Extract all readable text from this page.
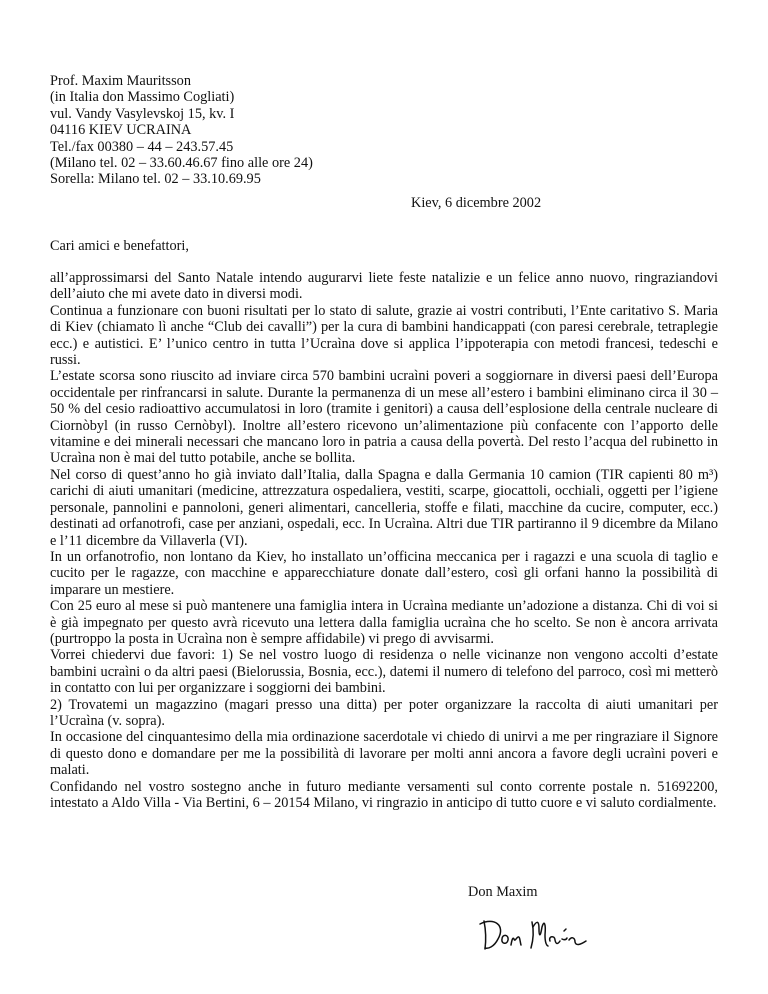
Prof. Maxim Mauritsson
(in Italia don Massimo Cogliati)
vul. Vandy Vasylevskoj 15, kv. I
04116 KIEV UCRAINA
Tel./fax 00380 – 44 – 243.57.45
(Milano tel. 02 – 33.60.46.67 fino alle ore 24)
Sorella: Milano tel. 02 – 33.10.69.95
Kiev, 6 dicembre 2002
Cari amici e benefattori,

all’approssimarsi del Santo Natale intendo augurarvi liete feste natalizie e un felice anno nuovo, ringraziandovi dell’aiuto che mi avete dato in diversi modi.

Continua a funzionare con buoni risultati per lo stato di salute, grazie ai vostri contributi, l’Ente caritativo S. Maria di Kiev (chiamato lì anche “Club dei cavalli”) per la cura di bambini handicappati (con paresi cerebrale, tetraplegie ecc.) e autistici. E’ l’unico centro in tutta l’Ucraìna dove si applica l’ippoterapia con metodi francesi, tedeschi e russi.

L’estate scorsa sono riuscito ad inviare circa 570 bambini ucraìni poveri a soggiornare in diversi paesi dell’Europa occidentale per rinfrancarsi in salute. Durante la permanenza di un mese all’estero i bambini eliminano circa il 30 – 50 % del cesio radioattivo accumulatosi in loro (tramite i genitori) a causa dell’esplosione della centrale nucleare di Ciornòbyl (in russo Cernòbyl). Inoltre all’estero ricevono un’alimentazione più confacente con l’apporto delle vitamine e dei minerali necessari che mancano loro in patria a causa della povertà. Del resto l’acqua del rubinetto in Ucraìna non è mai del tutto potabile, anche se bollita.

Nel corso di quest’anno ho già inviato dall’Italia, dalla Spagna e dalla Germania 10 camion (TIR capienti 80 m³) carichi di aiuti umanitari (medicine, attrezzatura ospedaliera, vestiti, scarpe, giocattoli, occhiali, oggetti per l’igiene personale, pannolini e pannoloni, generi alimentari, cancelleria, stoffe e filati, macchine da cucire, computer, ecc.) destinati ad orfanotrofi, case per anziani, ospedali, ecc. In Ucraìna. Altri due TIR partiranno il 9 dicembre da Milano e l’11 dicembre da Villaverla (VI).

In un orfanotrofio, non lontano da Kiev, ho installato un’officina meccanica per i ragazzi e una scuola di taglio e cucito per le ragazze, con macchine e apparecchiature donate dall’estero, così gli orfani hanno la possibilità di imparare un mestiere.

Con 25 euro al mese si può mantenere una famiglia intera in Ucraìna mediante un’adozione a distanza. Chi di voi si è già impegnato per questo avrà ricevuto una lettera dalla famiglia ucraìna che ho scelto. Se non è ancora arrivata (purtroppo la posta in Ucraìna non è sempre affidabile) vi prego di avvisarmi.

Vorrei chiedervi due favori: 1) Se nel vostro luogo di residenza o nelle vicinanze non vengono accolti d’estate bambini ucraìni o da altri paesi (Bielorussia, Bosnia, ecc.), datemi il numero di telefono del parroco, così mi metterò in contatto con lui per organizzare i soggiorni dei bambini.

2) Trovatemi un magazzino (magari presso una ditta) per poter organizzare la raccolta di aiuti umanitari per l’Ucraìna (v. sopra).

In occasione del cinquantesimo della mia ordinazione sacerdotale vi chiedo di unirvi a me per ringraziare il Signore di questo dono e domandare per me la possibilità di lavorare per molti anni ancora a favore degli ucraìni poveri e malati.

Confidando nel vostro sostegno anche in futuro mediante versamenti sul conto corrente postale n. 51692200, intestato a Aldo Villa - Via Bertini, 6 – 20154 Milano, vi ringrazio in anticipo di tutto cuore e vi saluto cordialmente.

Don Maxim
